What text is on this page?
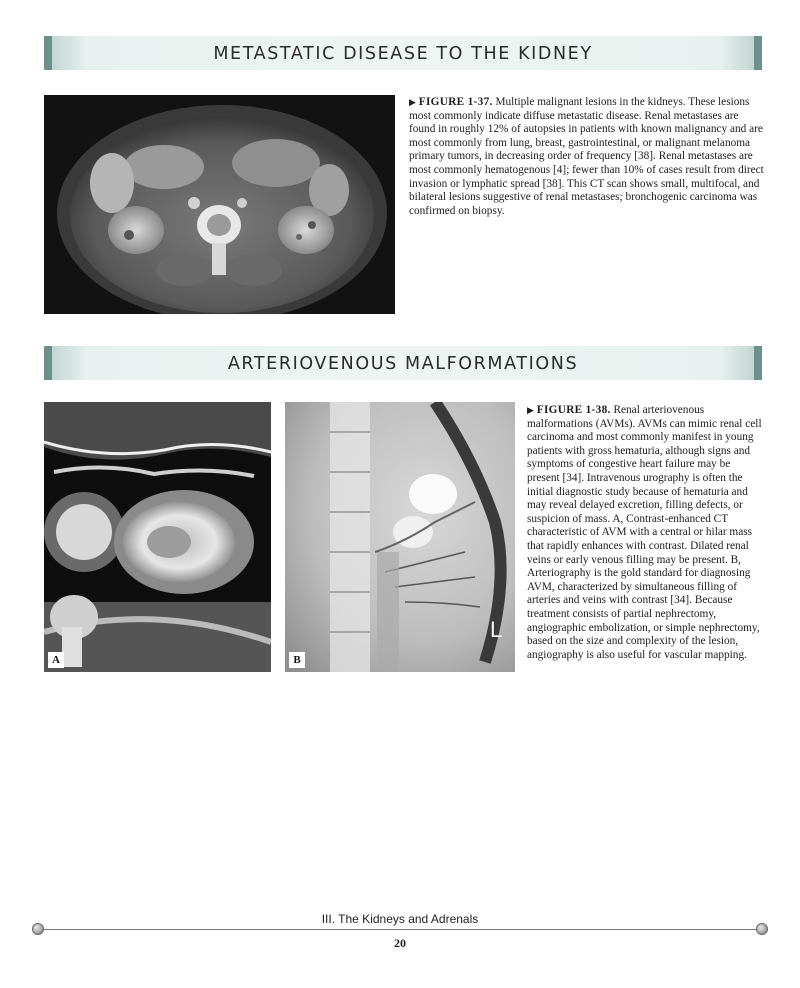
METASTATIC DISEASE TO THE KIDNEY
▶ FIGURE 1-37. Multiple malignant lesions in the kidneys. These lesions most commonly indicate diffuse metastatic disease. Renal metastases are found in roughly 12% of autopsies in patients with known malignancy and are most commonly from lung, breast, gastrointestinal, or malignant melanoma primary tumors, in decreasing order of frequency [38]. Renal metastases are most commonly hematogenous [4]; fewer than 10% of cases result from direct invasion or lymphatic spread [38]. This CT scan shows small, multifocal, and bilateral lesions suggestive of renal metastases; bronchogenic carcinoma was confirmed on biopsy.
ARTERIOVENOUS MALFORMATIONS
A
L
B
▶ FIGURE 1-38. Renal arteriovenous malformations (AVMs). AVMs can mimic renal cell carcinoma and most commonly manifest in young patients with gross hematuria, although signs and symptoms of congestive heart failure may be present [34]. Intravenous urography is often the initial diagnostic study because of hematuria and may reveal delayed excretion, filling defects, or suspicion of mass. A, Contrast-enhanced CT characteristic of AVM with a central or hilar mass that rapidly enhances with contrast. Dilated renal veins or early venous filling may be present. B, Arteriography is the gold standard for diagnosing AVM, characterized by simultaneous filling of arteries and veins with contrast [34]. Because treatment consists of partial nephrectomy, angiographic embolization, or simple nephrectomy, based on the size and complexity of the lesion, angiography is also useful for vascular mapping.
III. The Kidneys and Adrenals
20
